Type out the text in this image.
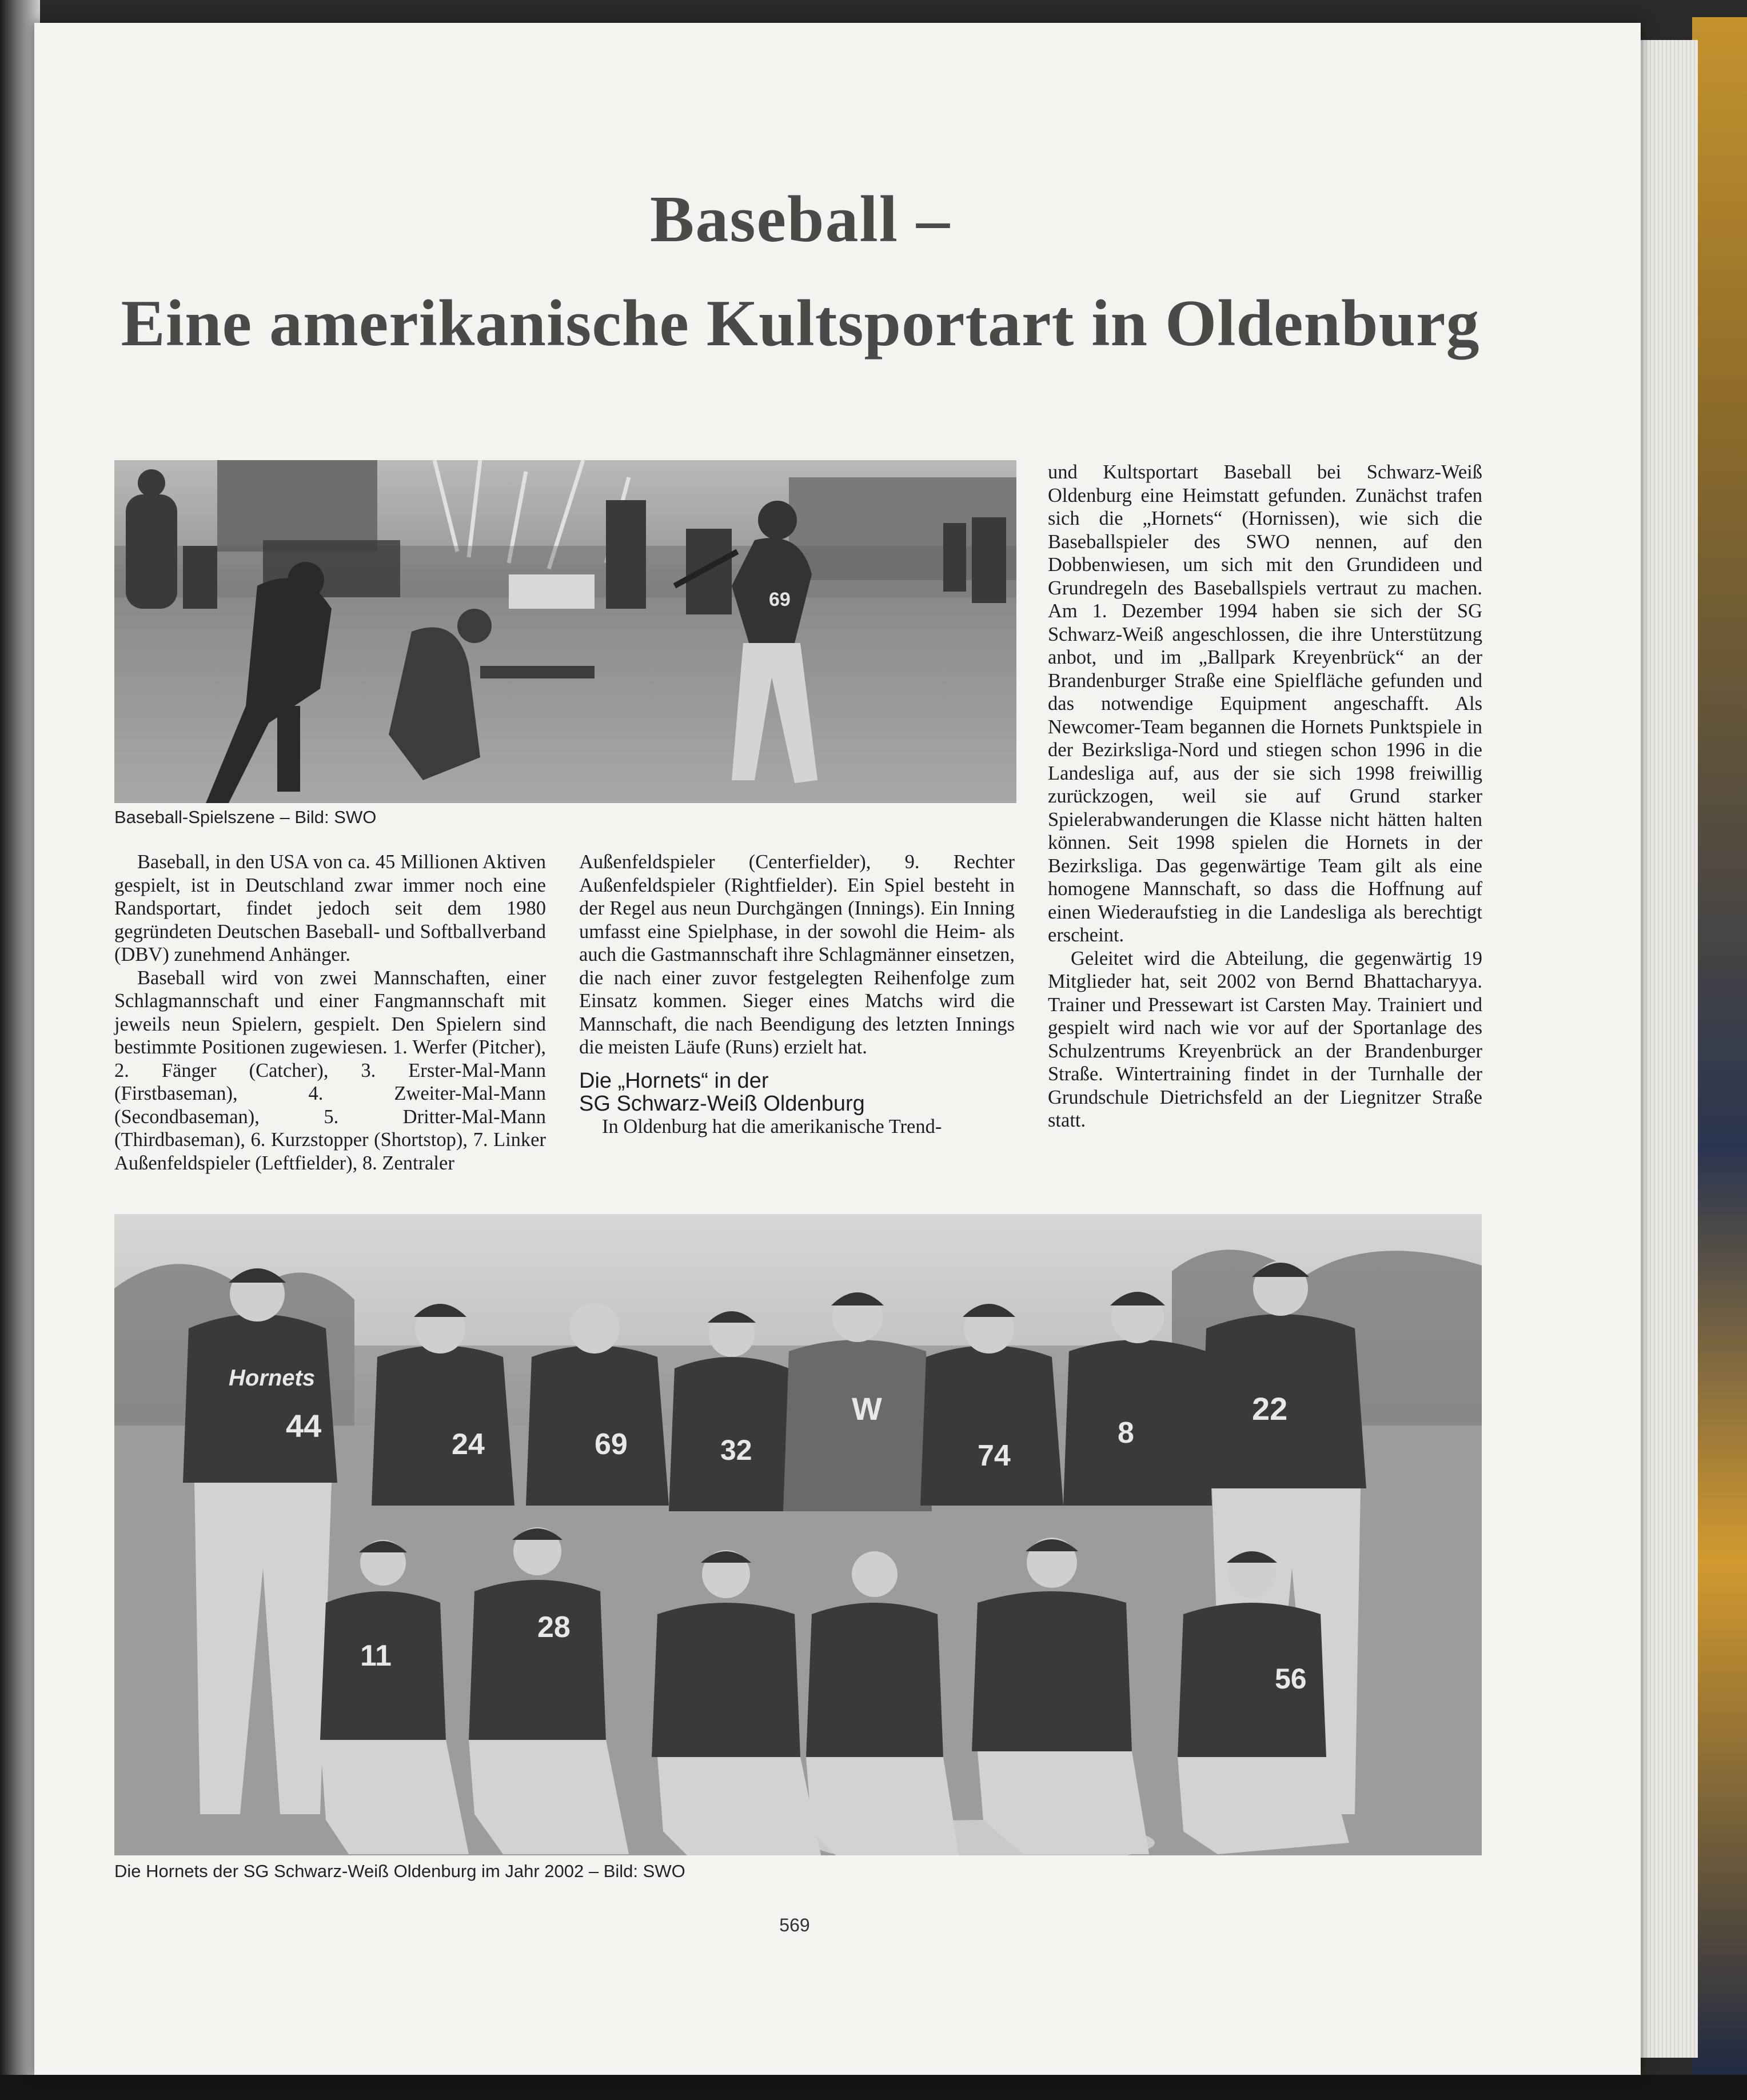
Baseball –
Eine amerikanische Kultsportart in Oldenburg
69
Baseball-Spielszene – Bild: SWO

Baseball, in den USA von ca. 45 Millionen Aktiven gespielt, ist in Deutschland zwar immer noch eine Randsportart, findet jedoch seit dem 1980 gegründeten Deutschen Baseball- und Softballverband (DBV) zunehmend Anhänger.

Baseball wird von zwei Mannschaften, einer Schlagmannschaft und einer Fangmannschaft mit jeweils neun Spielern, gespielt. Den Spielern sind bestimmte Positionen zugewiesen. 1. Werfer (Pitcher), 2. Fänger (Catcher), 3. Erster-Mal-Mann (Firstbaseman), 4. Zweiter-Mal-Mann (Secondbaseman), 5. Dritter-Mal-Mann (Thirdbaseman), 6. Kurzstopper (Shortstop), 7. Linker Außenfeldspieler (Leftfielder), 8. Zentraler

Außenfeldspieler (Centerfielder), 9. Rechter Außenfeldspieler (Rightfielder). Ein Spiel besteht in der Regel aus neun Durchgängen (Innings). Ein Inning umfasst eine Spielphase, in der sowohl die Heim- als auch die Gastmannschaft ihre Schlagmänner einsetzen, die nach einer zuvor festgelegten Reihenfolge zum Einsatz kommen. Sieger eines Matchs wird die Mannschaft, die nach Beendigung des letzten Innings die meisten Läufe (Runs) erzielt hat.

Die „Hornets“ in der
SG Schwarz-Weiß Oldenburg

In Oldenburg hat die amerikanische Trend-

und Kultsportart Baseball bei Schwarz-Weiß Oldenburg eine Heimstatt gefunden. Zunächst trafen sich die „Hornets“ (Hornissen), wie sich die Baseballspieler des SWO nennen, auf den Dobbenwiesen, um sich mit den Grundideen und Grundregeln des Baseballspiels vertraut zu machen. Am 1. Dezember 1994 haben sie sich der SG Schwarz-Weiß angeschlossen, die ihre Unterstützung anbot, und im „Ballpark Kreyenbrück“ an der Brandenburger Straße eine Spielfläche gefunden und das notwendige Equipment angeschafft. Als Newcomer-Team begannen die Hornets Punktspiele in der Bezirksliga-Nord und stiegen schon 1996 in die Landesliga auf, aus der sie sich 1998 freiwillig zurückzogen, weil sie auf Grund starker Spielerabwanderungen die Klasse nicht hätten halten können. Seit 1998 spielen die Hornets in der Bezirksliga. Das gegenwärtige Team gilt als eine homogene Mannschaft, so dass die Hoffnung auf einen Wiederaufstieg in die Landesliga als berechtigt erscheint.

Geleitet wird die Abteilung, die gegenwärtig 19 Mitglieder hat, seit 2002 von Bernd Bhattacharyya. Trainer und Pressewart ist Carsten May. Trainiert und gespielt wird nach wie vor auf der Sportanlage des Schulzentrums Kreyenbrück an der Brandenburger Straße. Wintertraining findet in der Turnhalle der Grundschule Dietrichsfeld an der Liegnitzer Straße statt.

Hornets
44
24	69	32
W
74
8
22
11
28
56
Die Hornets der SG Schwarz-Weiß Oldenburg im Jahr 2002 – Bild: SWO
569
